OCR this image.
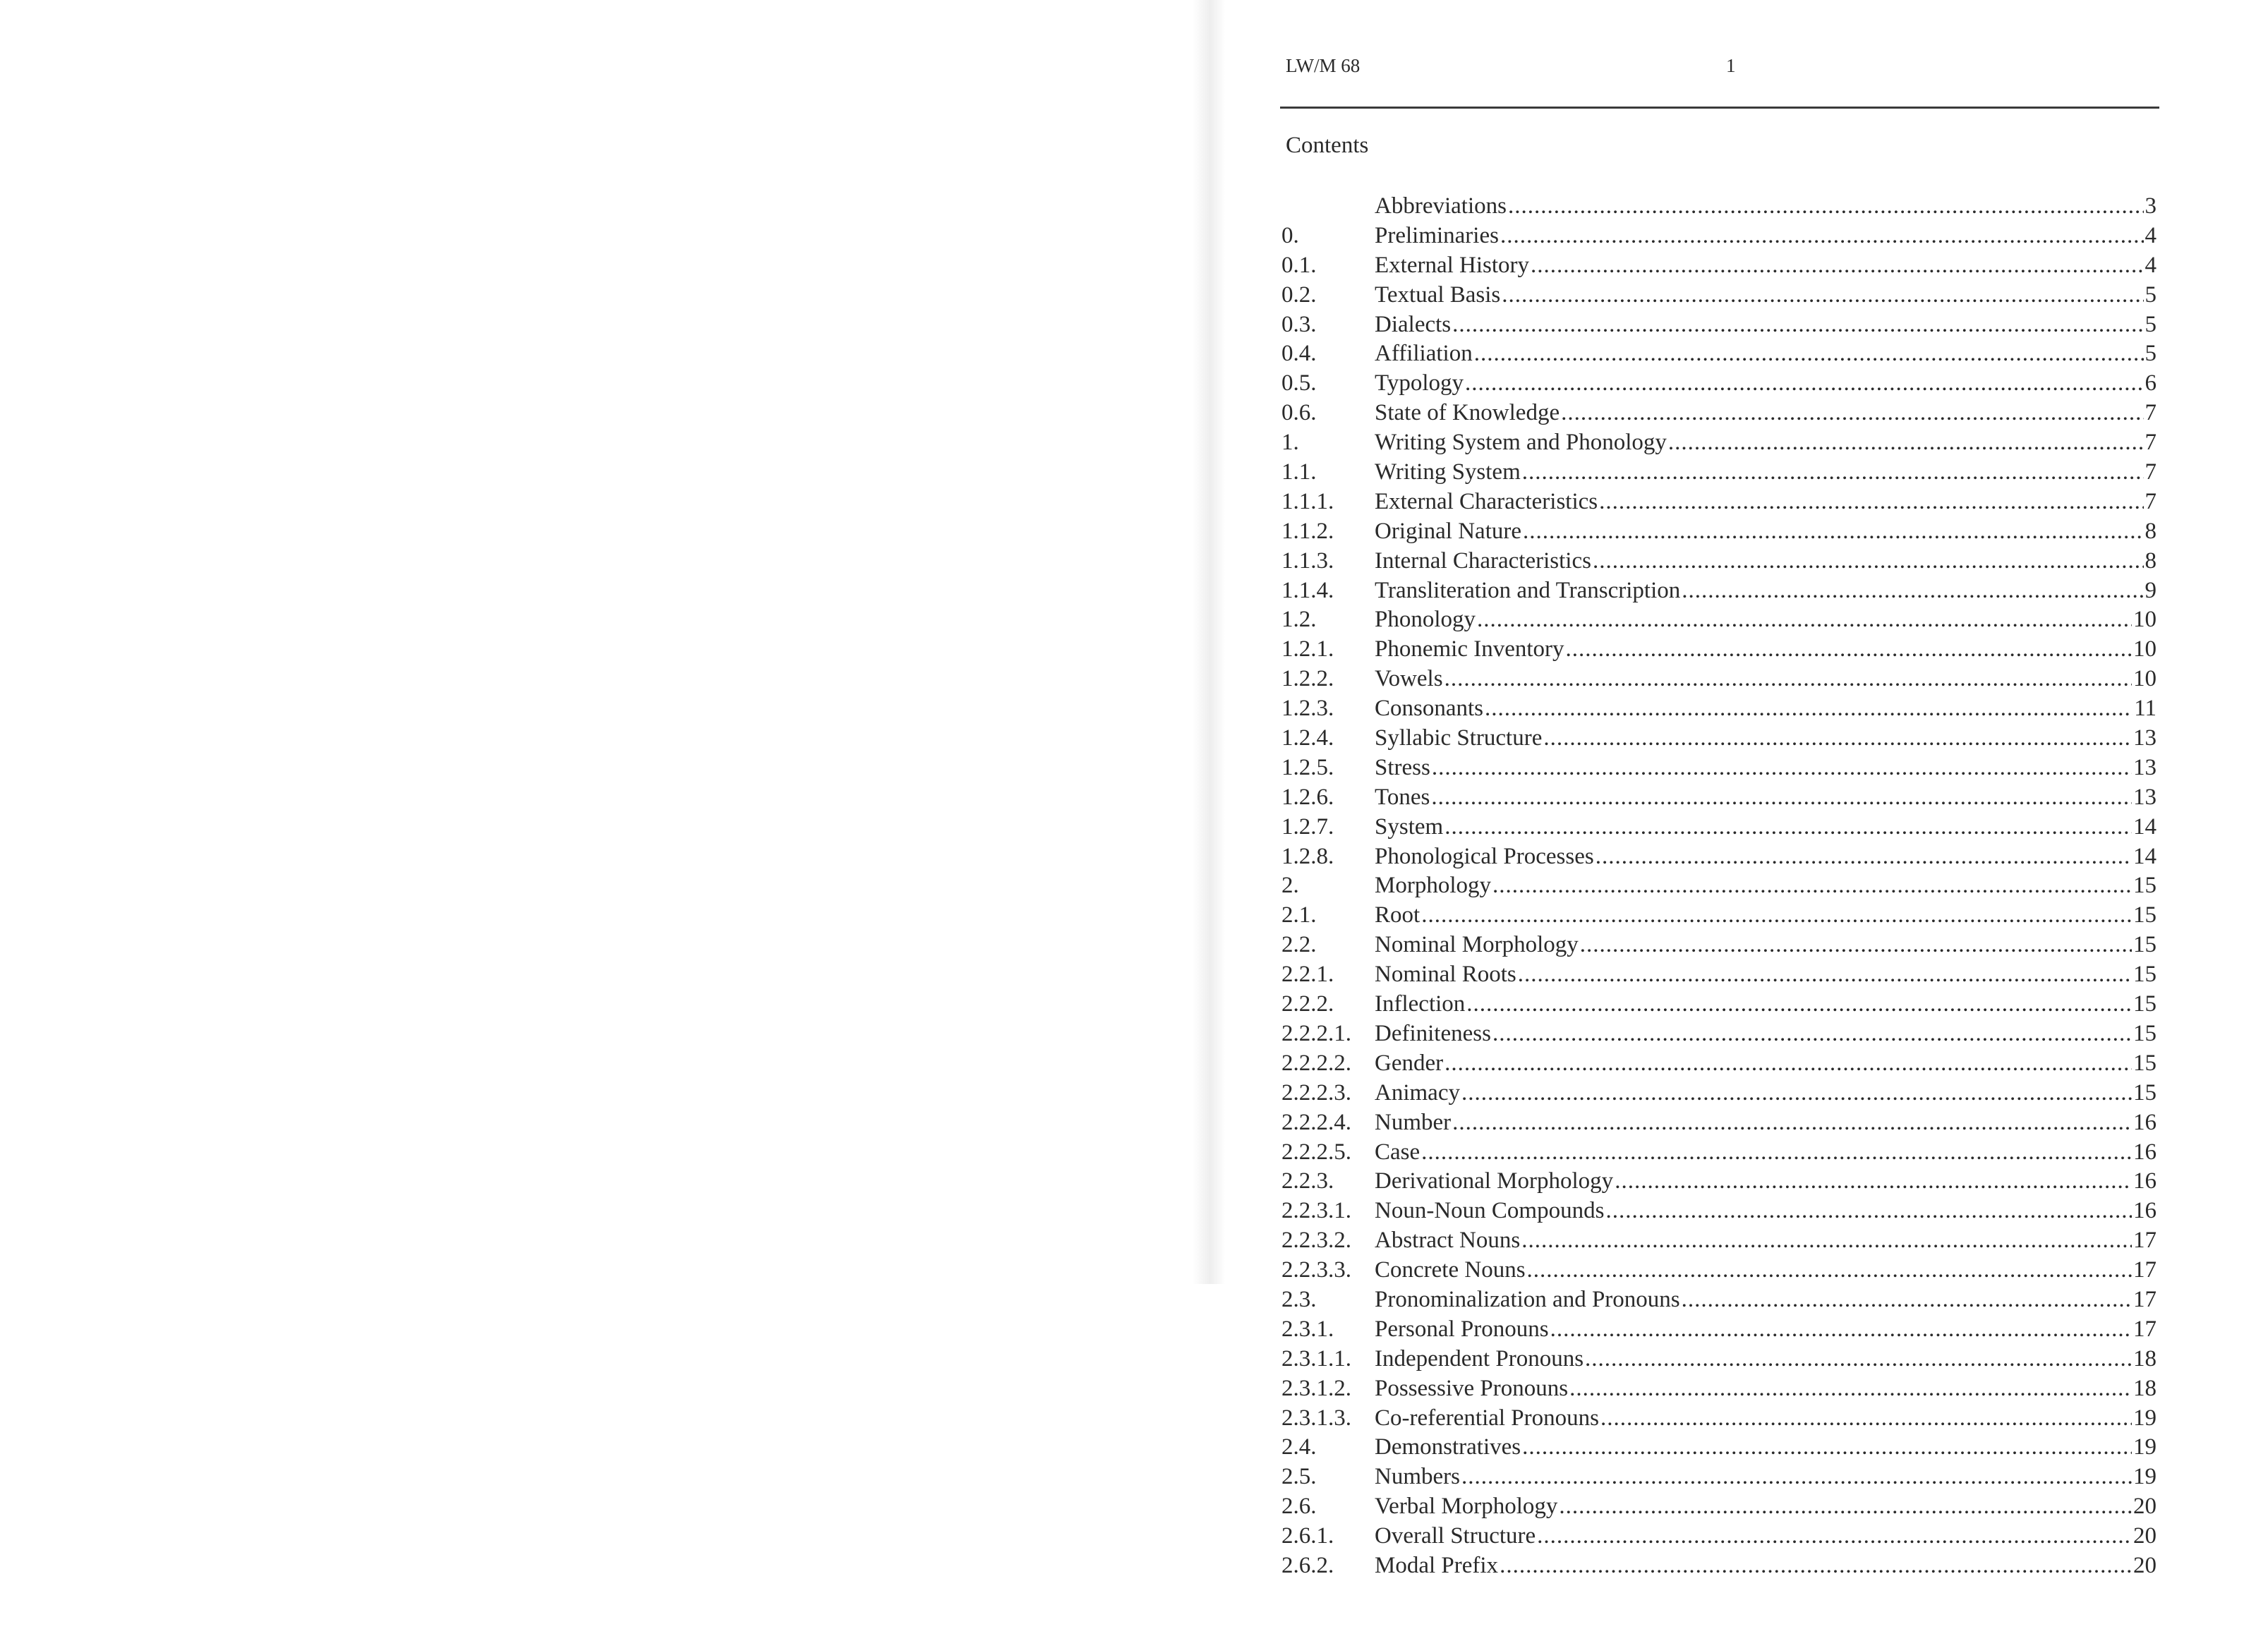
LW/M 68	1
Contents
Abbreviations .....	3
0.	Preliminaries .....	4
0.1.	External History .....	4
0.2.	Textual Basis .....	5
0.3.	Dialects .....	5
0.4.	Affiliation .....	5
0.5.	Typology .....	6
0.6.	State of Knowledge .....	7
1.	Writing System and Phonology .....	7
1.1.	Writing System .....	7
1.1.1.	External Characteristics .....	7
1.1.2.	Original Nature .....	8
1.1.3.	Internal Characteristics .....	8
1.1.4.	Transliteration and Transcription .....	9
1.2.	Phonology .....	10
1.2.1.	Phonemic Inventory .....	10
1.2.2.	Vowels .....	10
1.2.3.	Consonants .....	11
1.2.4.	Syllabic Structure .....	13
1.2.5.	Stress .....	13
1.2.6.	Tones .....	13
1.2.7.	System .....	14
1.2.8.	Phonological Processes .....	14
2.	Morphology .....	15
2.1.	Root .....	15
2.2.	Nominal Morphology .....	15
2.2.1.	Nominal Roots .....	15
2.2.2.	Inflection .....	15
2.2.2.1.	Definiteness .....	15
2.2.2.2.	Gender .....	15
2.2.2.3.	Animacy .....	15
2.2.2.4.	Number .....	16
2.2.2.5.	Case .....	16
2.2.3.	Derivational Morphology .....	16
2.2.3.1.	Noun-Noun Compounds .....	16
2.2.3.2.	Abstract Nouns .....	17
2.2.3.3.	Concrete Nouns .....	17
2.3.	Pronominalization and Pronouns .....	17
2.3.1.	Personal Pronouns .....	17
2.3.1.1.	Independent Pronouns .....	18
2.3.1.2.	Possessive Pronouns .....	18
2.3.1.3.	Co-referential Pronouns .....	19
2.4.	Demonstratives .....	19
2.5.	Numbers .....	19
2.6.	Verbal Morphology .....	20
2.6.1.	Overall Structure .....	20
2.6.2.	Modal Prefix .....	20
